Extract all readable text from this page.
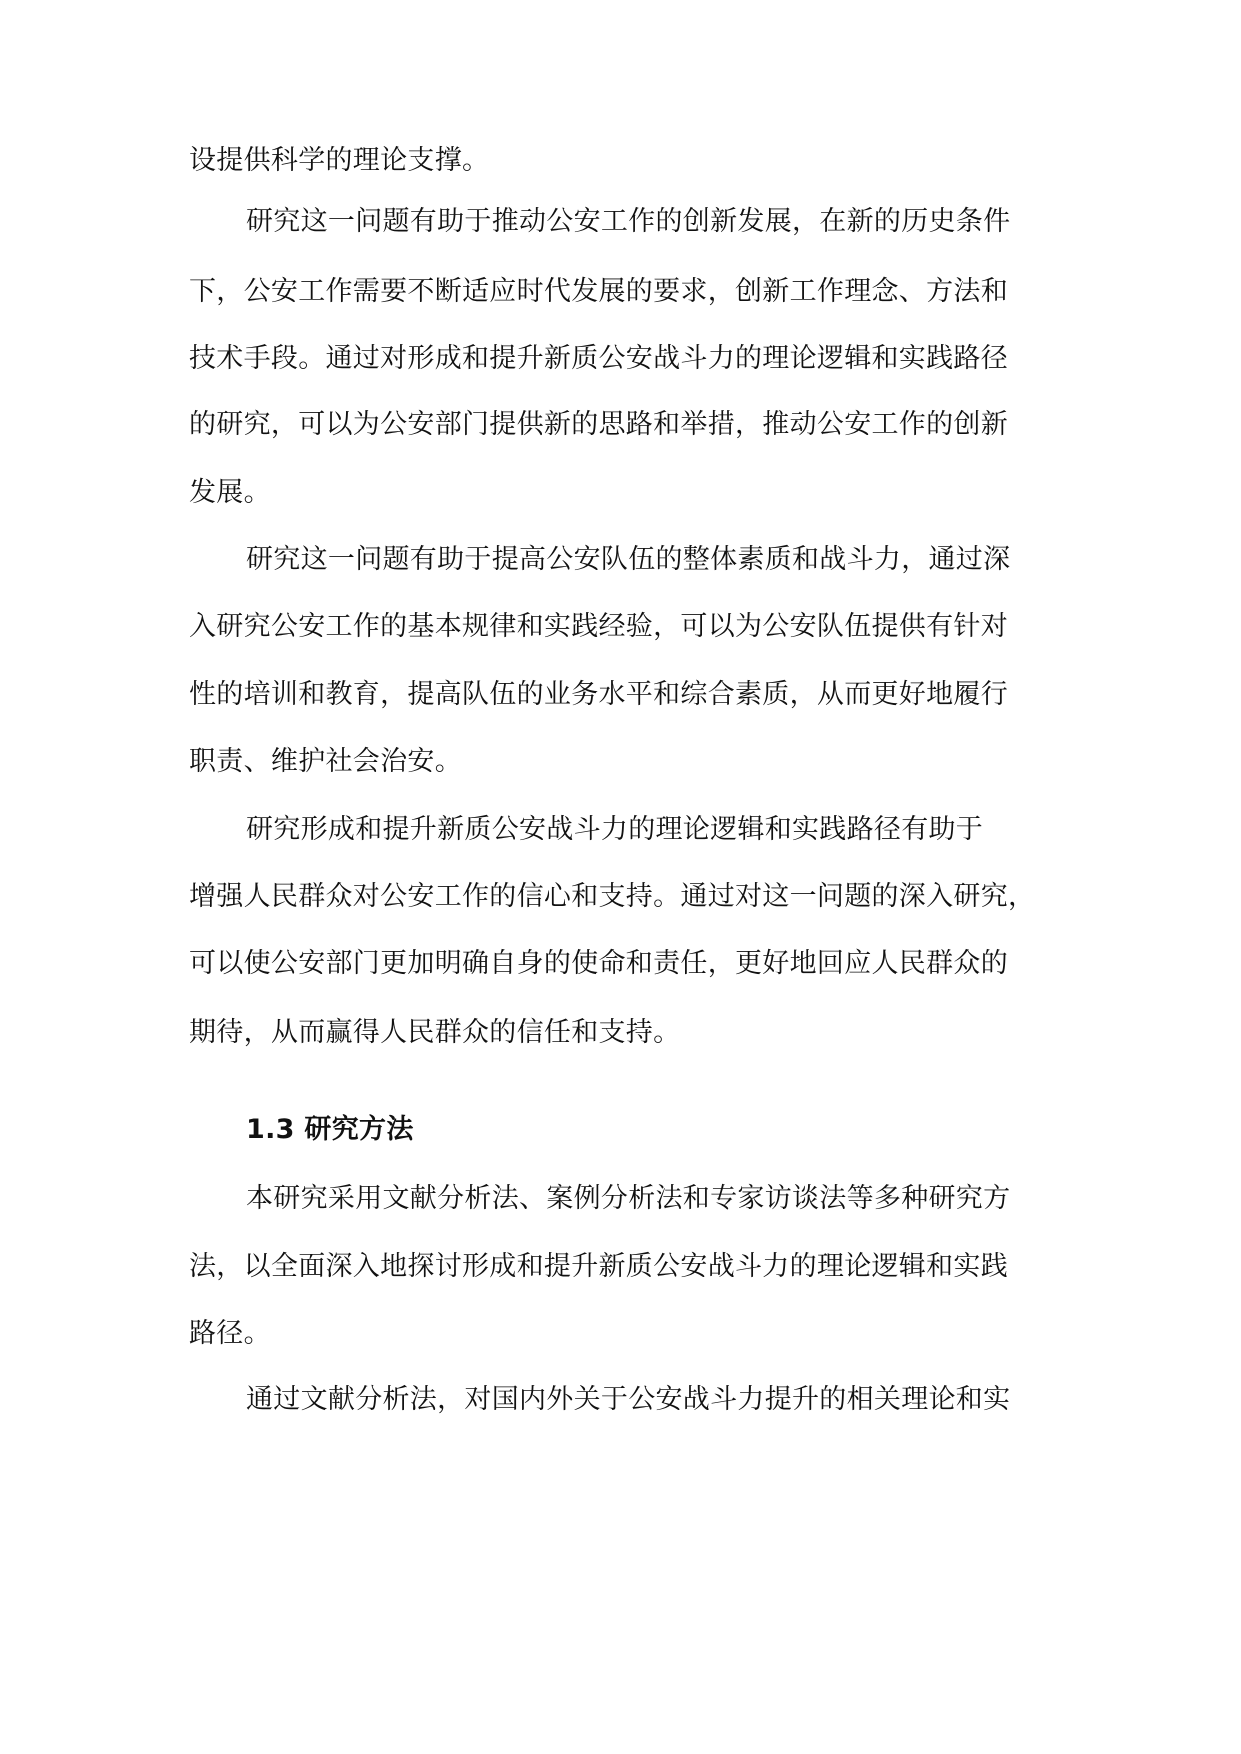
设提供科学的理论支撑。
研究这一问题有助于推动公安工作的创新发展，在新的历史条件
下，公安工作需要不断适应时代发展的要求，创新工作理念、方法和
技术手段。通过对形成和提升新质公安战斗力的理论逻辑和实践路径
的研究，可以为公安部门提供新的思路和举措，推动公安工作的创新
发展。
研究这一问题有助于提高公安队伍的整体素质和战斗力，通过深
入研究公安工作的基本规律和实践经验，可以为公安队伍提供有针对
性的培训和教育，提高队伍的业务水平和综合素质，从而更好地履行
职责、维护社会治安。
研究形成和提升新质公安战斗力的理论逻辑和实践路径有助于
增强人民群众对公安工作的信心和支持。通过对这一问题的深入研究，
可以使公安部门更加明确自身的使命和责任，更好地回应人民群众的
期待，从而赢得人民群众的信任和支持。
1.3 研究方法
本研究采用文献分析法、案例分析法和专家访谈法等多种研究方
法，以全面深入地探讨形成和提升新质公安战斗力的理论逻辑和实践
路径。
通过文献分析法，对国内外关于公安战斗力提升的相关理论和实
